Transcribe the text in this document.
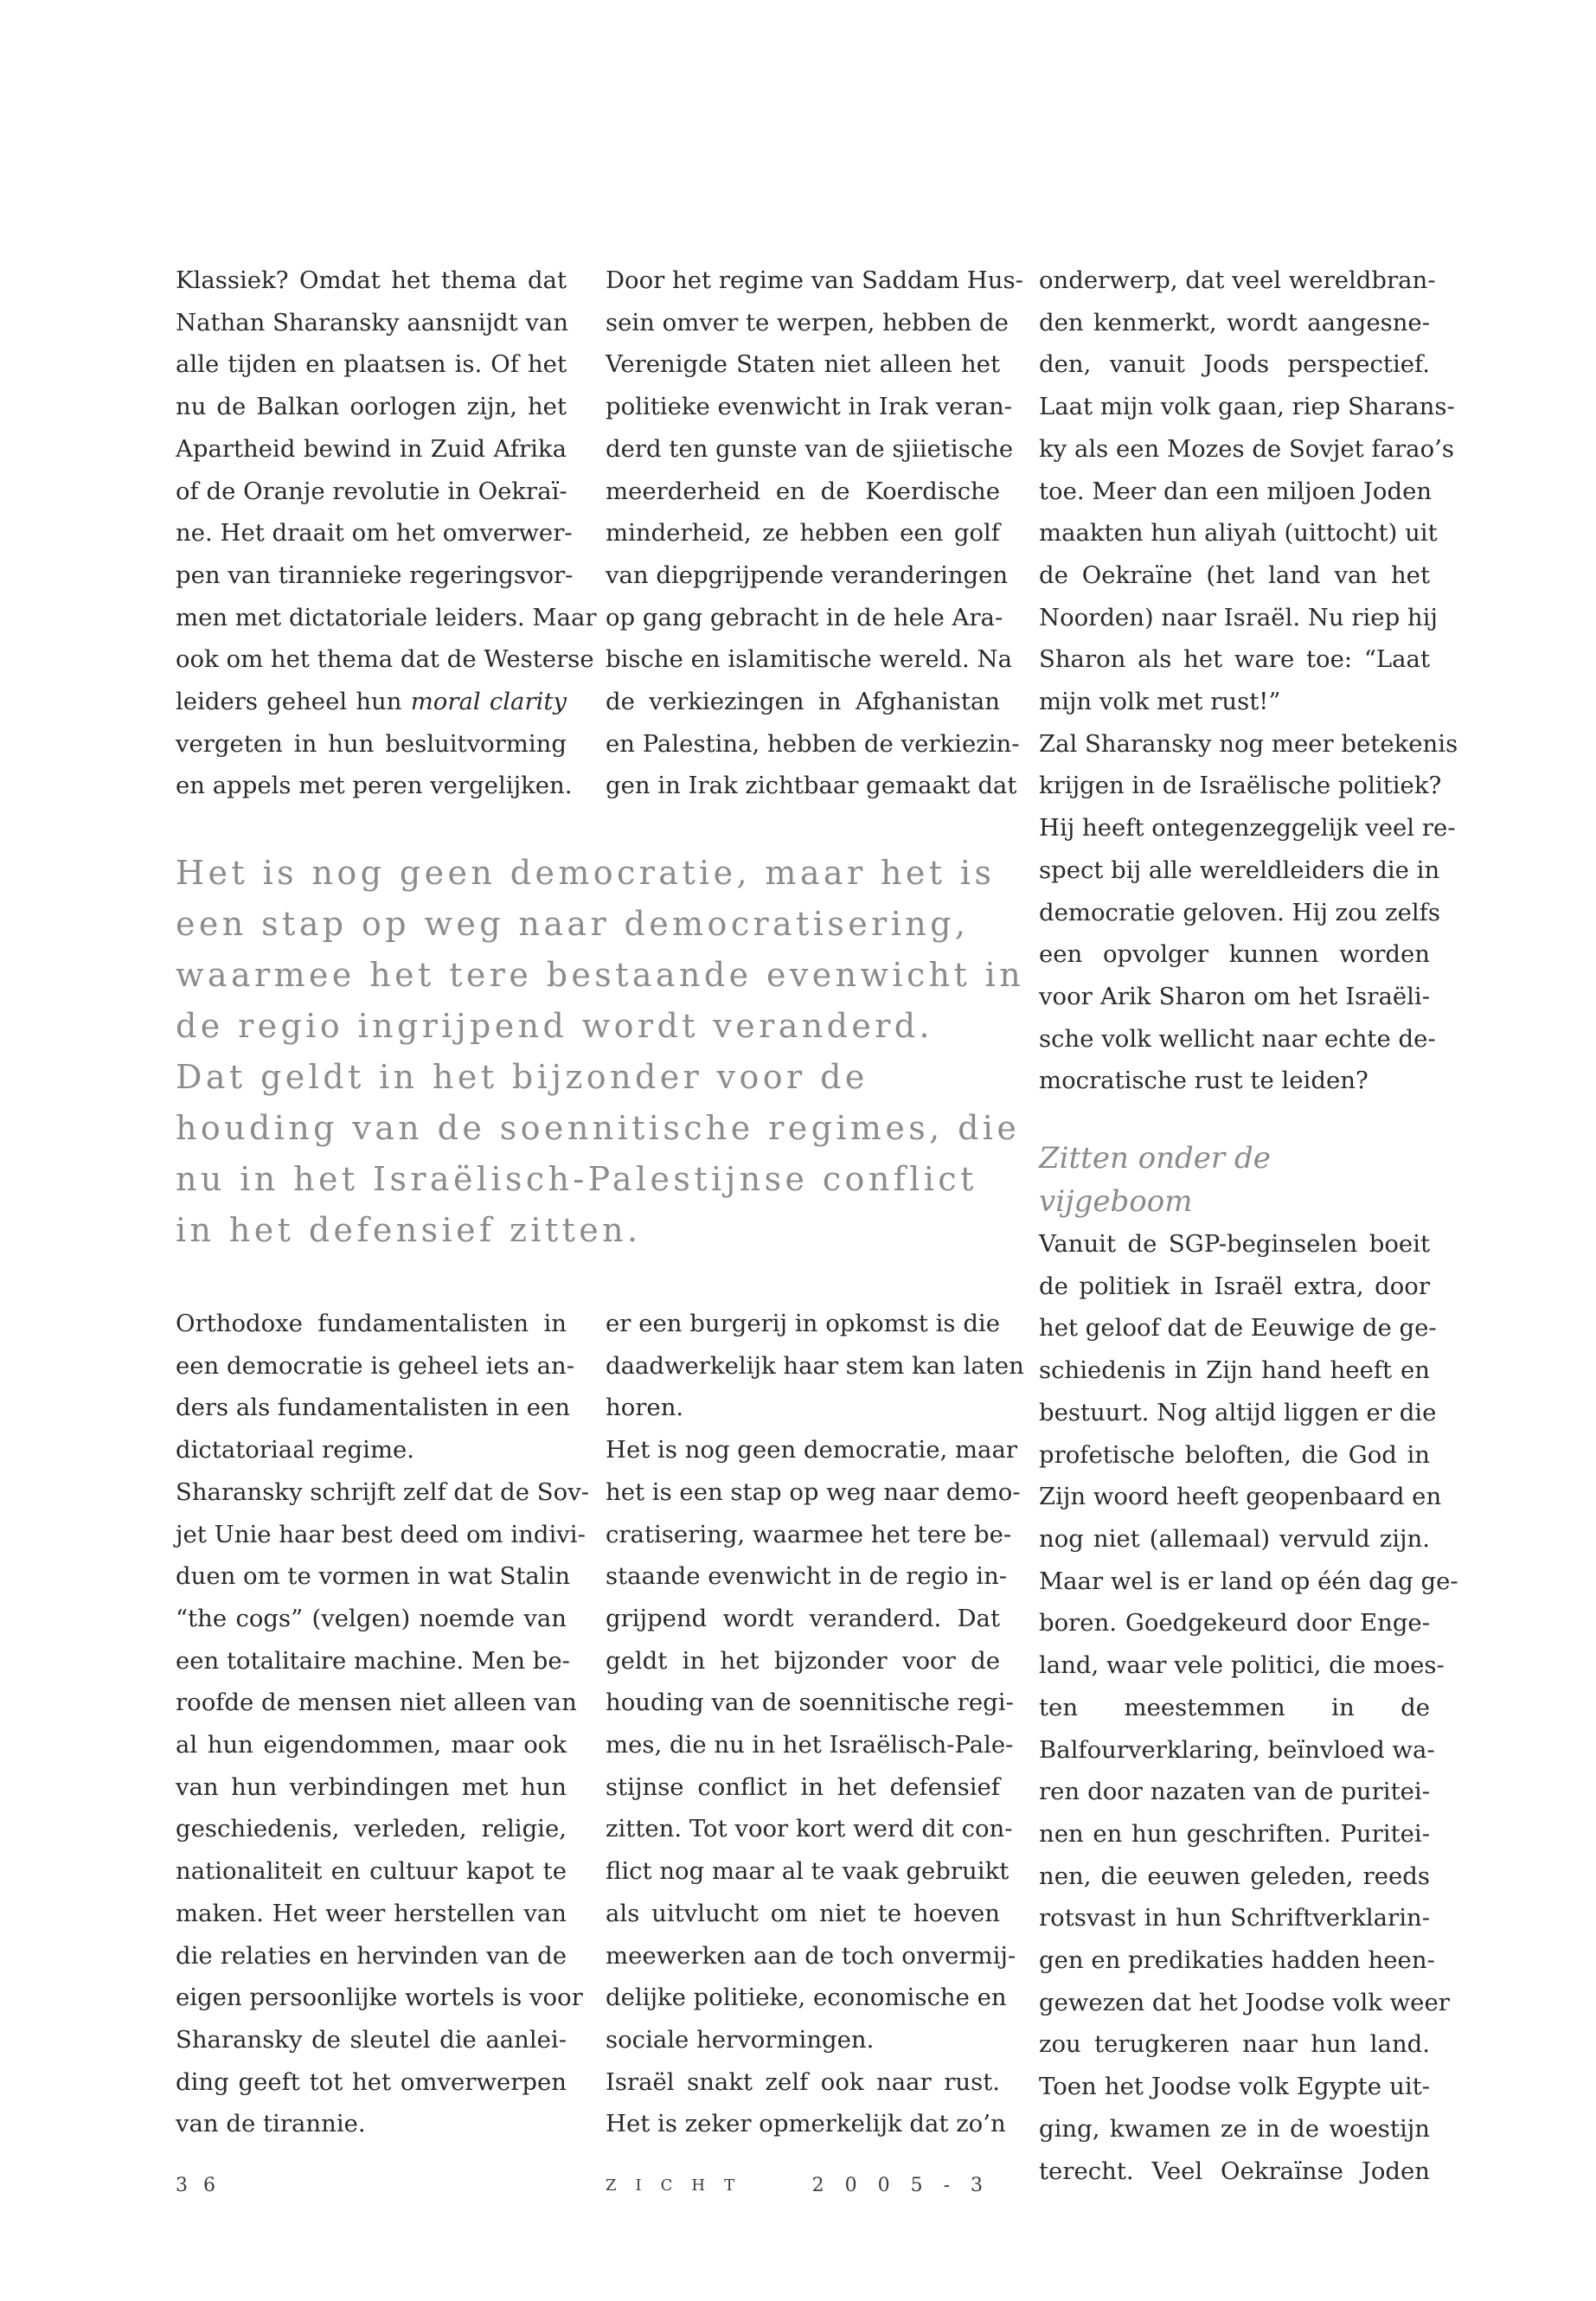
Klassiek? Omdat het thema dat
Nathan Sharansky aansnijdt van
alle tijden en plaatsen is. Of het
nu de Balkan oorlogen zijn, het
Apartheid bewind in Zuid Afrika
of de Oranje revolutie in Oekraï-
ne. Het draait om het omverwer-
pen van tirannieke regeringsvor-
men met dictatoriale leiders. Maar
ook om het thema dat de Westerse
leiders geheel hun moral clarity
vergeten in hun besluitvorming
en appels met peren vergelijken.
Door het regime van Saddam Hus-
sein omver te werpen, hebben de
Verenigde Staten niet alleen het
politieke evenwicht in Irak veran-
derd ten gunste van de sjiietische
meerderheid en de Koerdische
minderheid, ze hebben een golf
van diepgrijpende veranderingen
op gang gebracht in de hele Ara-
bische en islamitische wereld. Na
de verkiezingen in Afghanistan
en Palestina, hebben de verkiezin-
gen in Irak zichtbaar gemaakt dat
Het is nog geen democratie, maar het is
een stap op weg naar democratisering,
waarmee het tere bestaande evenwicht in
de regio ingrijpend wordt veranderd.
Dat geldt in het bijzonder voor de
houding van de soennitische regimes, die
nu in het Israëlisch-Palestijnse conflict
in het defensief zitten.
Orthodoxe fundamentalisten in
een democratie is geheel iets an-
ders als fundamentalisten in een
dictatoriaal regime.
Sharansky schrijft zelf dat de Sov-
jet Unie haar best deed om indivi-
duen om te vormen in wat Stalin
“the cogs” (velgen) noemde van
een totalitaire machine. Men be-
roofde de mensen niet alleen van
al hun eigendommen, maar ook
van hun verbindingen met hun
geschiedenis, verleden, religie,
nationaliteit en cultuur kapot te
maken. Het weer herstellen van
die relaties en hervinden van de
eigen persoonlijke wortels is voor
Sharansky de sleutel die aanlei-
ding geeft tot het omverwerpen
van de tirannie.
er een burgerij in opkomst is die
daadwerkelijk haar stem kan laten
horen.
Het is nog geen democratie, maar
het is een stap op weg naar demo-
cratisering, waarmee het tere be-
staande evenwicht in de regio in-
grijpend wordt veranderd. Dat
geldt in het bijzonder voor de
houding van de soennitische regi-
mes, die nu in het Israëlisch-Pale-
stijnse conflict in het defensief
zitten. Tot voor kort werd dit con-
flict nog maar al te vaak gebruikt
als uitvlucht om niet te hoeven
meewerken aan de toch onvermij-
delijke politieke, economische en
sociale hervormingen.
Israël snakt zelf ook naar rust.
Het is zeker opmerkelijk dat zo’n
onderwerp, dat veel wereldbran-
den kenmerkt, wordt aangesne-
den, vanuit Joods perspectief.
Laat mijn volk gaan, riep Sharans-
ky als een Mozes de Sovjet farao’s
toe. Meer dan een miljoen Joden
maakten hun aliyah (uittocht) uit
de Oekraïne (het land van het
Noorden) naar Israël. Nu riep hij
Sharon als het ware toe: “Laat
mijn volk met rust!”
Zal Sharansky nog meer betekenis
krijgen in de Israëlische politiek?
Hij heeft ontegenzeggelijk veel re-
spect bij alle wereldleiders die in
democratie geloven. Hij zou zelfs
een opvolger kunnen worden
voor Arik Sharon om het Israëli-
sche volk wellicht naar echte de-
mocratische rust te leiden?
Zitten onder de vijgeboom
Vanuit de SGP-beginselen boeit
de politiek in Israël extra, door
het geloof dat de Eeuwige de ge-
schiedenis in Zijn hand heeft en
bestuurt. Nog altijd liggen er die
profetische beloften, die God in
Zijn woord heeft geopenbaard en
nog niet (allemaal) vervuld zijn.
Maar wel is er land op één dag ge-
boren. Goedgekeurd door Enge-
land, waar vele politici, die moes-
ten meestemmen in de
Balfourverklaring, beïnvloed wa-
ren door nazaten van de puritei-
nen en hun geschriften. Puritei-
nen, die eeuwen geleden, reeds
rotsvast in hun Schriftverklarin-
gen en predikaties hadden heen-
gewezen dat het Joodse volk weer
zou terugkeren naar hun land.
Toen het Joodse volk Egypte uit-
ging, kwamen ze in de woestijn
terecht. Veel Oekraïnse Joden
36	ZICHT	2005-3
